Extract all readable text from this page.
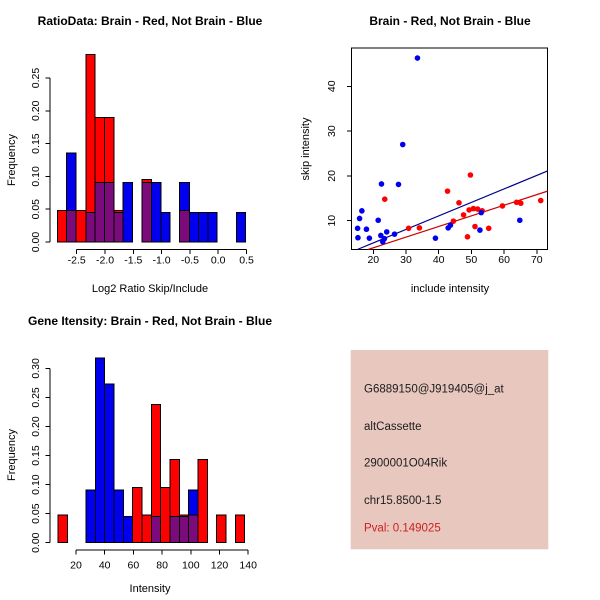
-2.5 -2.0 -1.5 -1.0 -0.5 0.0 0.5
0.00
0.05
0.10
0.15
0.20
0.25
RatioData: Brain - Red, Not Brain - Blue
Log2 Ratio Skip/Include
Frequency
20 30 40 50 60 70
10
20
30
40
Brain - Red, Not Brain - Blue
include intensity
skip intensity
20 40 60 80 100 120 140
0.00
0.05
0.10
0.15
0.20
0.25
0.30
Gene Itensity: Brain - Red, Not Brain - Blue
Intensity
Frequency
G6889150@J919405@j_at
altCassette
2900001O04Rik
chr15.8500-1.5
Pval: 0.149025
